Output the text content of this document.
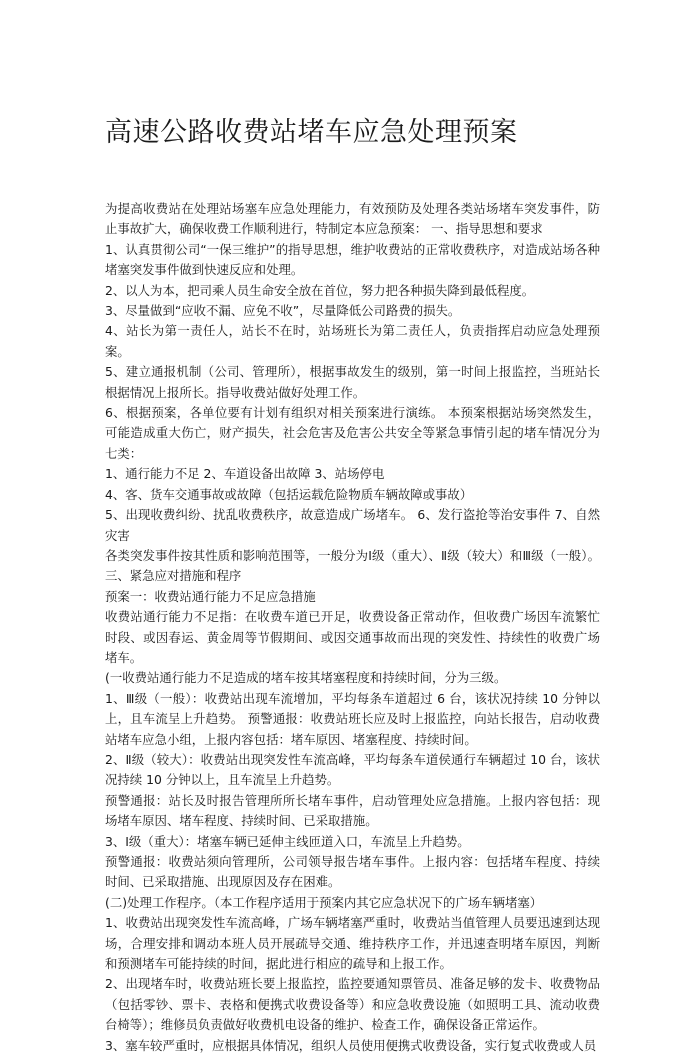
高速公路收费站堵车应急处理预案

为提高收费站在处理站场塞车应急处理能力，有效预防及处理各类站场堵车突发事件，防止事故扩大，确保收费工作顺利进行，特制定本应急预案： 一、指导思想和要求

1、认真贯彻公司“一保三维护”的指导思想，维护收费站的正常收费秩序，对造成站场各种堵塞突发事件做到快速反应和处理。

2、以人为本，把司乘人员生命安全放在首位，努力把各种损失降到最低程度。

3、尽量做到“应收不漏、应免不收”，尽量降低公司路费的损失。

4、站长为第一责任人，站长不在时，站场班长为第二责任人，负责指挥启动应急处理预案。

5、建立通报机制（公司、管理所），根据事故发生的级别，第一时间上报监控，当班站长根据情况上报所长。指导收费站做好处理工作。

6、根据预案，各单位要有计划有组织对相关预案进行演练。 本预案根据站场突然发生，可能造成重大伤亡，财产损失，社会危害及危害公共安全等紧急事情引起的堵车情况分为七类：

1、通行能力不足 2、车道设备出故障 3、站场停电

4、客、货车交通事故或故障（包括运载危险物质车辆故障或事故）

5、出现收费纠纷、扰乱收费秩序，故意造成广场堵车。 6、发行盗抢等治安事件 7、自然灾害

各类突发事件按其性质和影响范围等，一般分为Ⅰ级（重大）、Ⅱ级（较大）和Ⅲ级（一般）。三、紧急应对措施和程序

预案一：收费站通行能力不足应急措施

收费站通行能力不足指：在收费车道已开足，收费设备正常动作，但收费广场因车流繁忙时段、或因春运、黄金周等节假期间、或因交通事故而出现的突发性、持续性的收费广场堵车。

(一收费站通行能力不足造成的堵车按其堵塞程度和持续时间，分为三级。

1、Ⅲ级（一般）：收费站出现车流增加，平均每条车道超过 6 台，该状况持续 10 分钟以上，且车流呈上升趋势。 预警通报：收费站班长应及时上报监控，向站长报告，启动收费站堵车应急小组，上报内容包括：堵车原因、堵塞程度、持续时间。

2、Ⅱ级（较大）：收费站出现突发性车流高峰，平均每条车道侯通行车辆超过 10 台，该状况持续 10 分钟以上，且车流呈上升趋势。

预警通报：站长及时报告管理所所长堵车事件，启动管理处应急措施。上报内容包括：现场堵车原因、堵车程度、持续时间、已采取措施。

3、Ⅰ级（重大）：堵塞车辆已延伸主线匝道入口，车流呈上升趋势。

预警通报：收费站须向管理所，公司领导报告堵车事件。上报内容：包括堵车程度、持续时间、已采取措施、出现原因及存在困难。

(二)处理工作程序。（本工作程序适用于预案内其它应急状况下的广场车辆堵塞）

1、收费站出现突发性车流高峰，广场车辆堵塞严重时，收费站当值管理人员要迅速到达现场，合理安排和调动本班人员开展疏导交通、维持秩序工作，并迅速查明堵车原因，判断和预测堵车可能持续的时间，据此进行相应的疏导和上报工作。

2、出现堵车时，收费站班长要上报监控，监控要通知票管员、准备足够的发卡、收费物品（包括零钞、票卡、表格和便携式收费设备等）和应急收费设施（如照明工具、流动收费台椅等）；维修员负责做好收费机电设备的维护、检查工作，确保设备正常运作。

3、塞车较严重时，应根据具体情况，组织人员使用便携式收费设备，实行复式收费或人员
